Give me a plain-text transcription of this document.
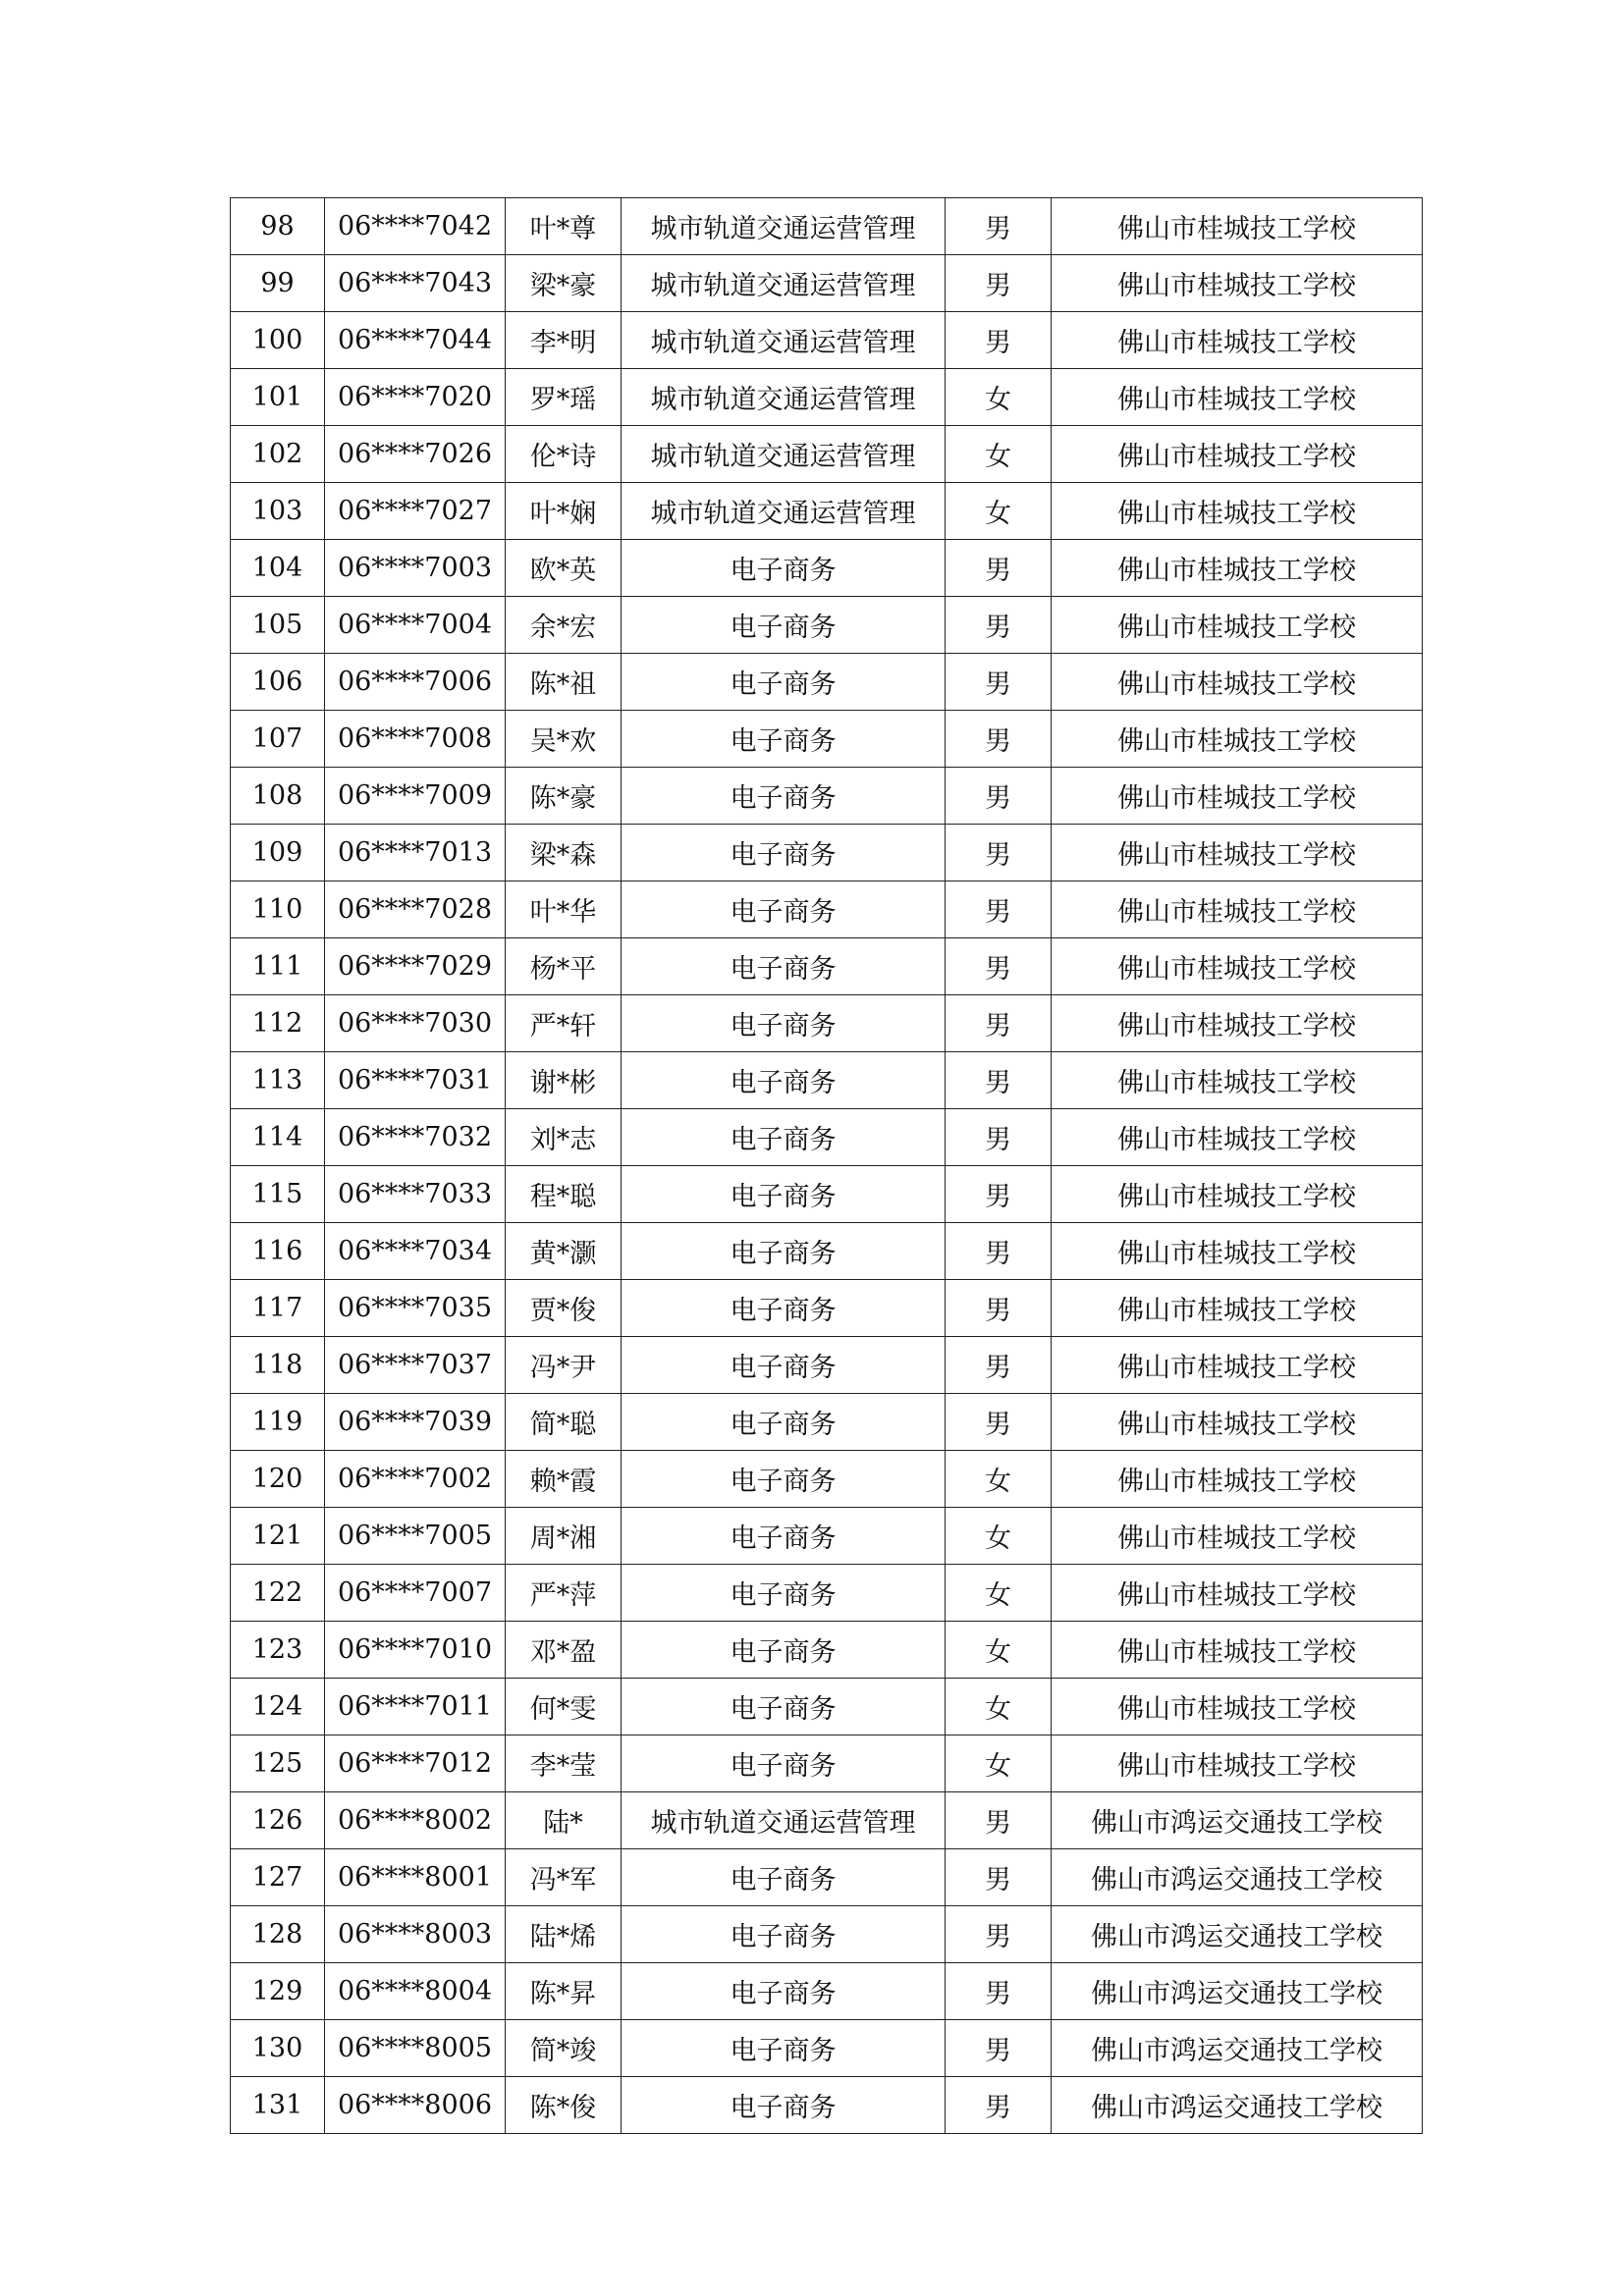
98	06****7042	叶*尊	城市轨道交通运营管理	男	佛山市桂城技工学校
99	06****7043	梁*豪	城市轨道交通运营管理	男	佛山市桂城技工学校
100	06****7044	李*明	城市轨道交通运营管理	男	佛山市桂城技工学校
101	06****7020	罗*瑶	城市轨道交通运营管理	女	佛山市桂城技工学校
102	06****7026	伦*诗	城市轨道交通运营管理	女	佛山市桂城技工学校
103	06****7027	叶*娴	城市轨道交通运营管理	女	佛山市桂城技工学校
104	06****7003	欧*英	电子商务	男	佛山市桂城技工学校
105	06****7004	余*宏	电子商务	男	佛山市桂城技工学校
106	06****7006	陈*祖	电子商务	男	佛山市桂城技工学校
107	06****7008	吴*欢	电子商务	男	佛山市桂城技工学校
108	06****7009	陈*豪	电子商务	男	佛山市桂城技工学校
109	06****7013	梁*森	电子商务	男	佛山市桂城技工学校
110	06****7028	叶*华	电子商务	男	佛山市桂城技工学校
111	06****7029	杨*平	电子商务	男	佛山市桂城技工学校
112	06****7030	严*轩	电子商务	男	佛山市桂城技工学校
113	06****7031	谢*彬	电子商务	男	佛山市桂城技工学校
114	06****7032	刘*志	电子商务	男	佛山市桂城技工学校
115	06****7033	程*聪	电子商务	男	佛山市桂城技工学校
116	06****7034	黄*灏	电子商务	男	佛山市桂城技工学校
117	06****7035	贾*俊	电子商务	男	佛山市桂城技工学校
118	06****7037	冯*尹	电子商务	男	佛山市桂城技工学校
119	06****7039	简*聪	电子商务	男	佛山市桂城技工学校
120	06****7002	赖*霞	电子商务	女	佛山市桂城技工学校
121	06****7005	周*湘	电子商务	女	佛山市桂城技工学校
122	06****7007	严*萍	电子商务	女	佛山市桂城技工学校
123	06****7010	邓*盈	电子商务	女	佛山市桂城技工学校
124	06****7011	何*雯	电子商务	女	佛山市桂城技工学校
125	06****7012	李*莹	电子商务	女	佛山市桂城技工学校
126	06****8002	陆*	城市轨道交通运营管理	男	佛山市鸿运交通技工学校
127	06****8001	冯*军	电子商务	男	佛山市鸿运交通技工学校
128	06****8003	陆*烯	电子商务	男	佛山市鸿运交通技工学校
129	06****8004	陈*昇	电子商务	男	佛山市鸿运交通技工学校
130	06****8005	简*竣	电子商务	男	佛山市鸿运交通技工学校
131	06****8006	陈*俊	电子商务	男	佛山市鸿运交通技工学校
